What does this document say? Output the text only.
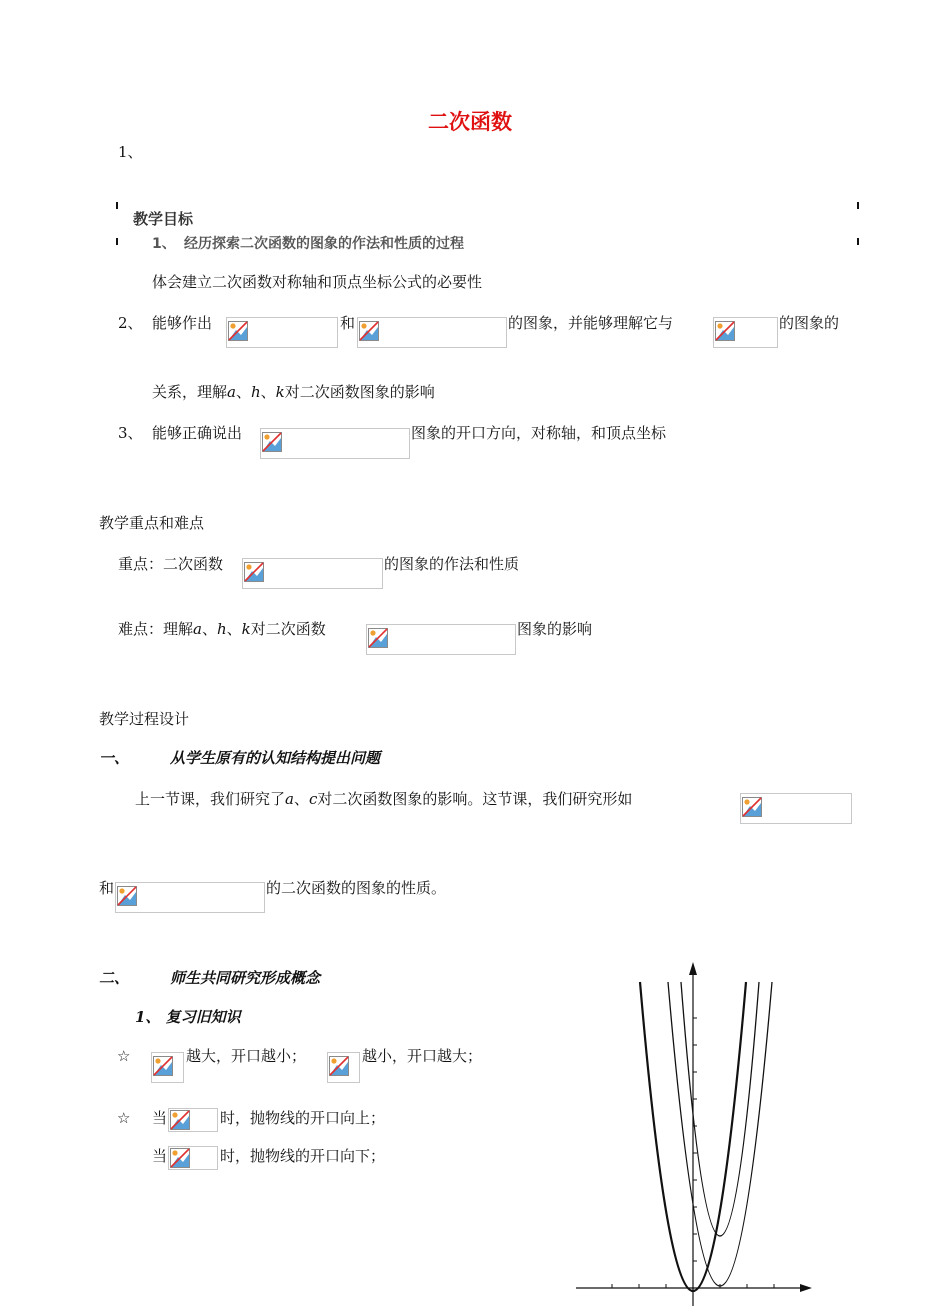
二次函数
1、
教学目标
1、 经历探索二次函数的图象的作法和性质的过程
体会建立二次函数对称轴和顶点坐标公式的必要性
2、 能够作出	和	的图象，并能够理解它与	的图象的
关系，理解a、h、k对二次函数图象的影响
3、 能够正确说出	图象的开口方向，对称轴，和顶点坐标
教学重点和难点
重点：二次函数	的图象的作法和性质
难点：理解a、h、k对二次函数	图象的影响
教学过程设计
一、	从学生原有的认知结构提出问题
上一节课，我们研究了a、c对二次函数图象的影响。这节课，我们研究形如
和	的二次函数的图象的性质。
二、	师生共同研究形成概念
1、 复习旧知识
☆	越大，开口越小；	越小，开口越大；
☆ 当	时，抛物线的开口向上；
当	时，抛物线的开口向下；
